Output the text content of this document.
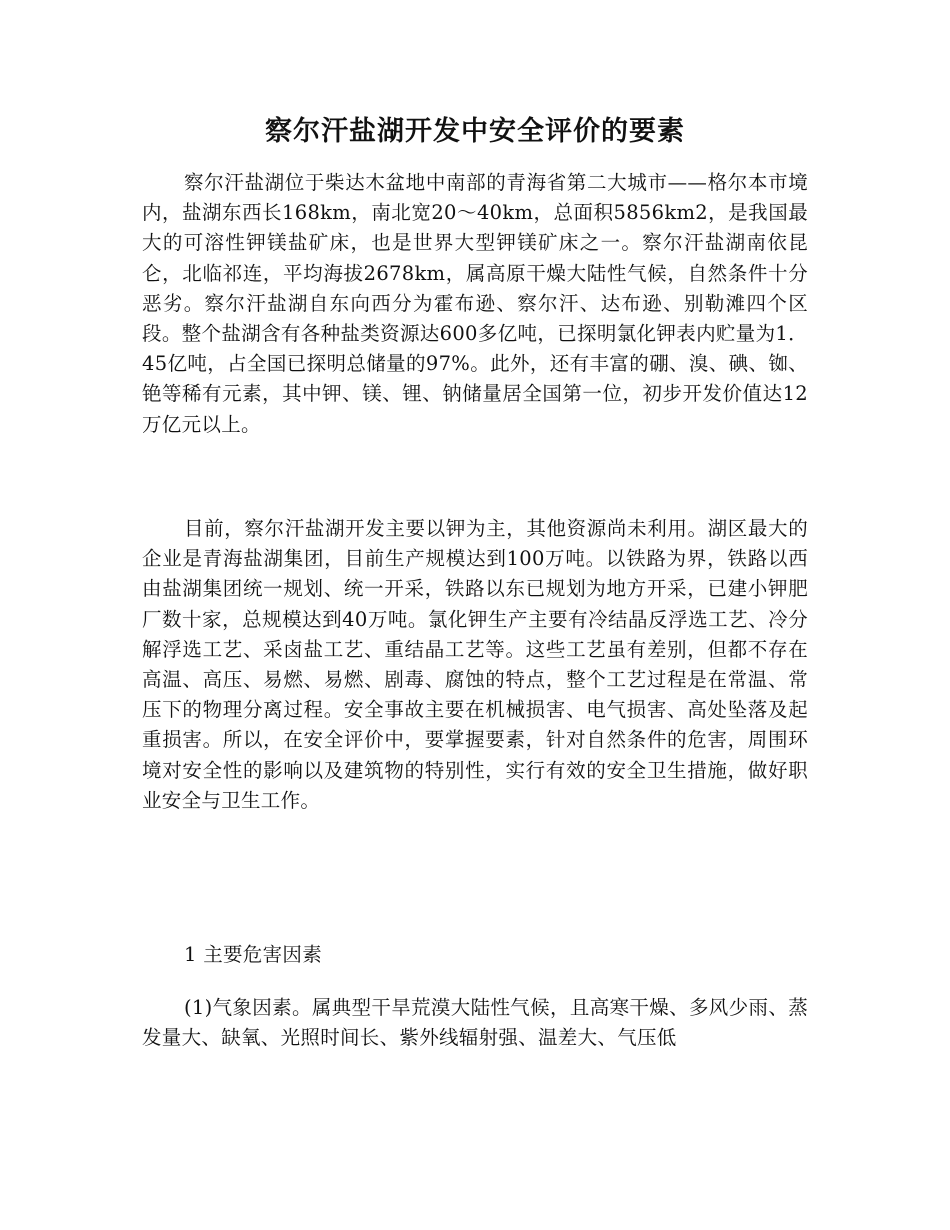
察尔汗盐湖开发中安全评价的要素

察尔汗盐湖位于柴达木盆地中南部的青海省第二大城市——格尔本市境内，盐湖东西长168km，南北宽20～40km，总面积5856km2，是我国最大的可溶性钾镁盐矿床，也是世界大型钾镁矿床之一。察尔汗盐湖南依昆仑，北临祁连，平均海拔2678km，属高原干燥大陆性气候，自然条件十分恶劣。察尔汗盐湖自东向西分为霍布逊、察尔汗、达布逊、别勒滩四个区段。整个盐湖含有各种盐类资源达600多亿吨，已探明氯化钾表内贮量为1．45亿吨，占全国已探明总储量的97%。此外，还有丰富的硼、溴、碘、铷、铯等稀有元素，其中钾、镁、锂、钠储量居全国第一位，初步开发价值达12万亿元以上。

目前，察尔汗盐湖开发主要以钾为主，其他资源尚未利用。湖区最大的企业是青海盐湖集团，目前生产规模达到100万吨。以铁路为界，铁路以西由盐湖集团统一规划、统一开采，铁路以东已规划为地方开采，已建小钾肥厂数十家，总规模达到40万吨。氯化钾生产主要有冷结晶反浮选工艺、冷分解浮选工艺、采卤盐工艺、重结晶工艺等。这些工艺虽有差别，但都不存在高温、高压、易燃、易燃、剧毒、腐蚀的特点，整个工艺过程是在常温、常压下的物理分离过程。安全事故主要在机械损害、电气损害、高处坠落及起重损害。所以，在安全评价中，要掌握要素，针对自然条件的危害，周围环境对安全性的影响以及建筑物的特别性，实行有效的安全卫生措施，做好职业安全与卫生工作。

1 主要危害因素

(1)气象因素。属典型干旱荒漠大陆性气候，且高寒干燥、多风少雨、蒸发量大、缺氧、光照时间长、紫外线辐射强、温差大、气压低
